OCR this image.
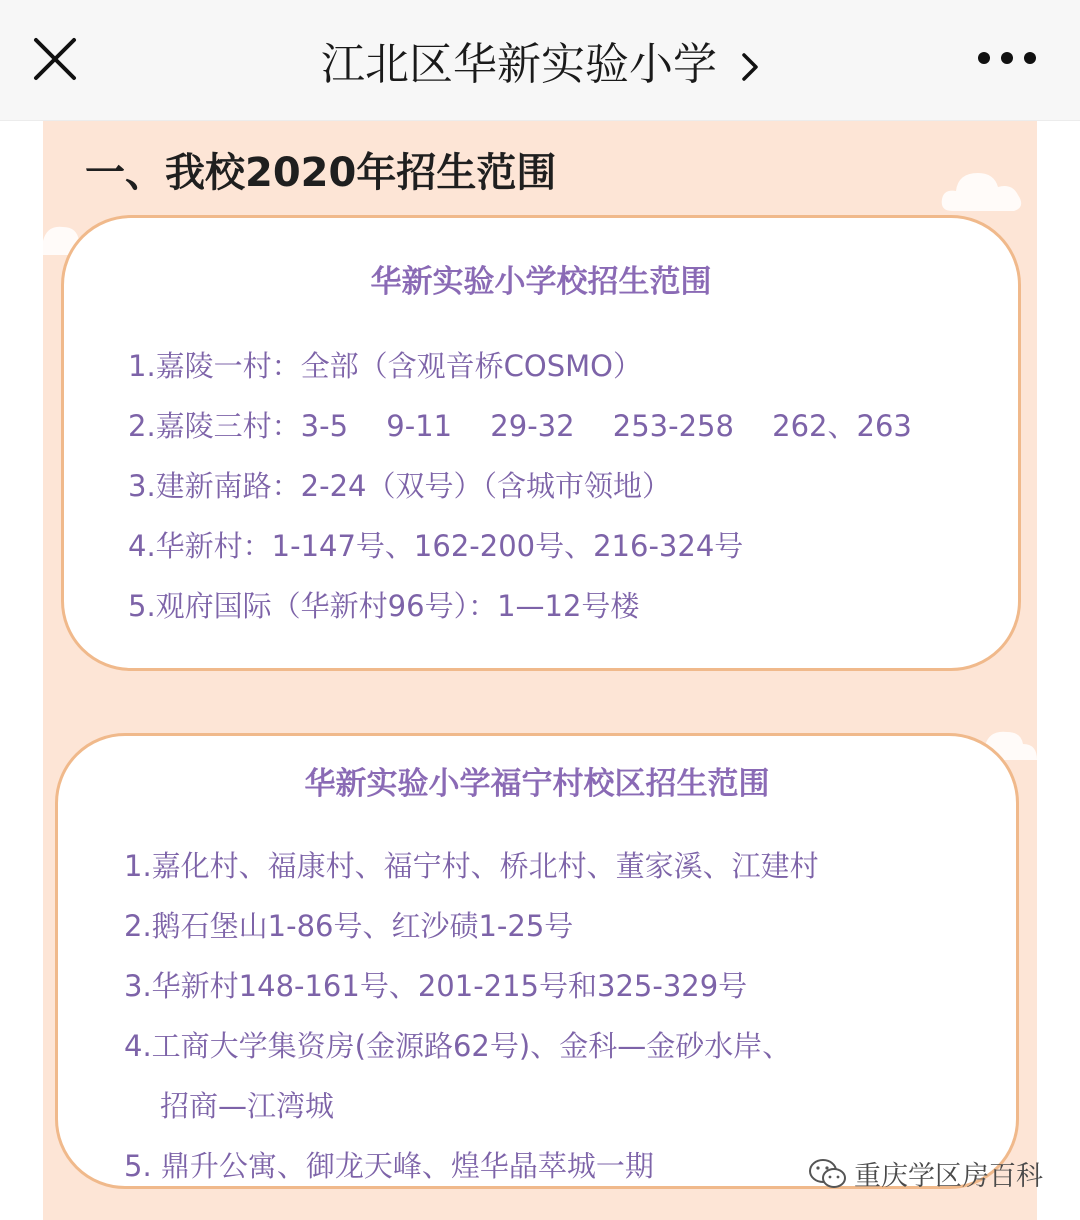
江北区华新实验小学
一、我校2020年招生范围
华新实验小学校招生范围
1.嘉陵一村：全部（含观音桥COSMO）
2.嘉陵三村：3-5　 9-11　 29-32　 253-258　 262、263
3.建新南路：2-24（双号）（含城市领地）
4.华新村：1-147号、162-200号、216-324号
5.观府国际（华新村96号）：1—12号楼
华新实验小学福宁村校区招生范围
1.嘉化村、福康村、福宁村、桥北村、董家溪、江建村
2.鹅石堡山1-86号、红沙碛1-25号
3.华新村148-161号、201-215号和325-329号
4.工商大学集资房(金源路62号)、金科—金砂水岸、
招商—江湾城
5. 鼎升公寓、御龙天峰、煌华晶萃城一期	重庆学区房百科
